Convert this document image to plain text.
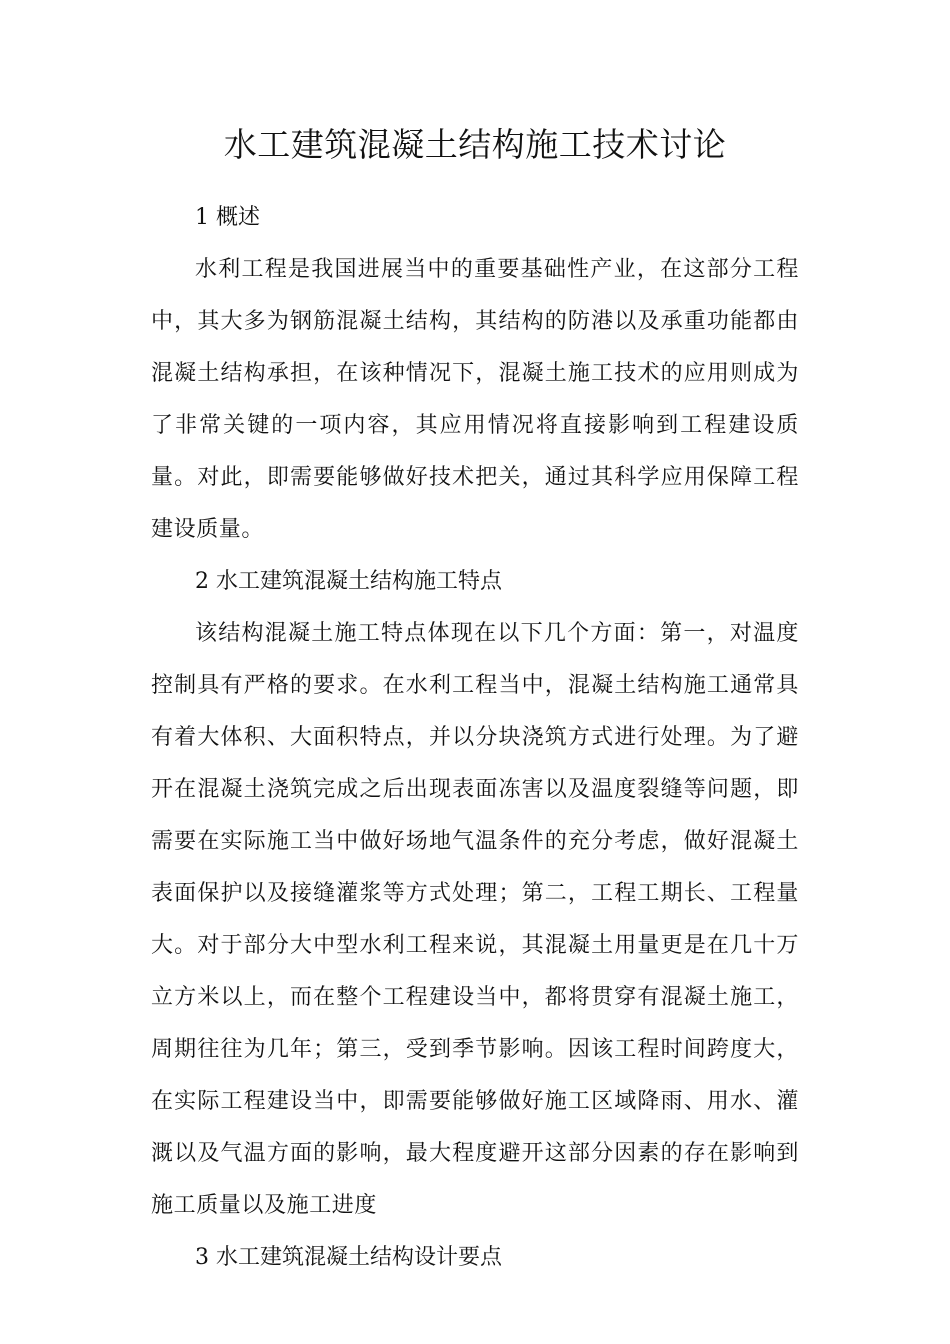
水工建筑混凝土结构施工技术讨论
1 概述

水利工程是我国进展当中的重要基础性产业，在这部分工程中，其大多为钢筋混凝土结构，其结构的防港以及承重功能都由混凝土结构承担，在该种情况下，混凝土施工技术的应用则成为了非常关键的一项内容，其应用情况将直接影响到工程建设质量。对此，即需要能够做好技术把关，通过其科学应用保障工程建设质量。

2 水工建筑混凝土结构施工特点

该结构混凝土施工特点体现在以下几个方面：第一，对温度控制具有严格的要求。在水利工程当中，混凝土结构施工通常具有着大体积、大面积特点，并以分块浇筑方式进行处理。为了避开在混凝土浇筑完成之后出现表面冻害以及温度裂缝等问题，即需要在实际施工当中做好场地气温条件的充分考虑，做好混凝土表面保护以及接缝灌浆等方式处理；第二，工程工期长、工程量大。对于部分大中型水利工程来说，其混凝土用量更是在几十万立方米以上，而在整个工程建设当中，都将贯穿有混凝土施工，周期往往为几年；第三，受到季节影响。因该工程时间跨度大，在实际工程建设当中，即需要能够做好施工区域降雨、用水、灌溉以及气温方面的影响，最大程度避开这部分因素的存在影响到施工质量以及施工进度

3 水工建筑混凝土结构设计要点
